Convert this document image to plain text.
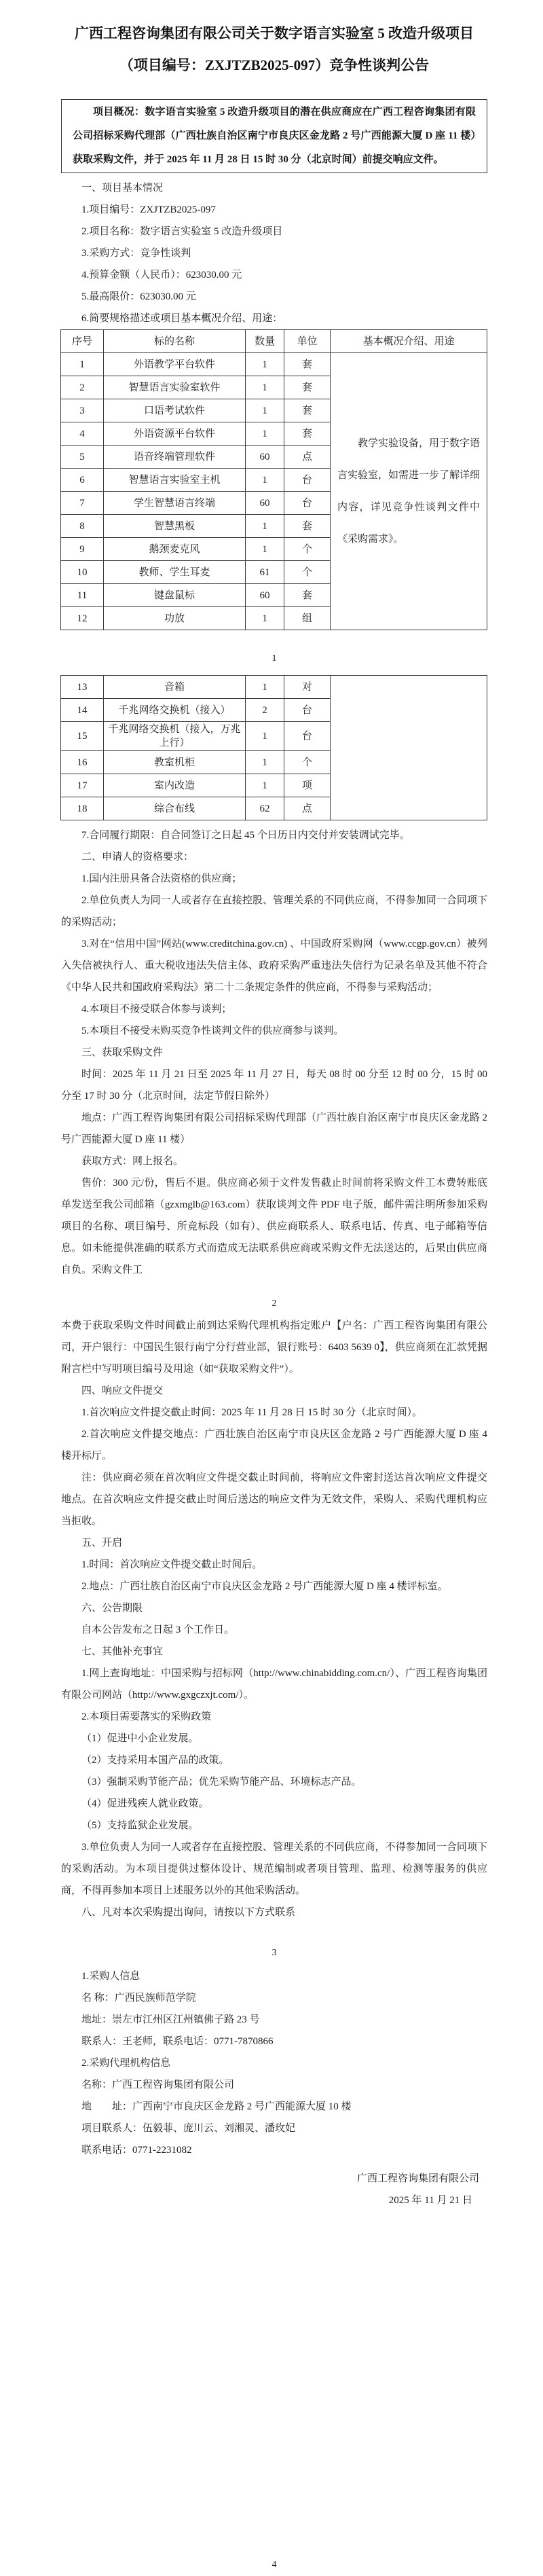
广西工程咨询集团有限公司关于数字语言实验室 5 改造升级项目
（项目编号：ZXJTZB2025-097）竞争性谈判公告

项目概况：数字语言实验室 5 改造升级项目的潜在供应商应在广西工程咨询集团有限公司招标采购代理部（广西壮族自治区南宁市良庆区金龙路 2 号广西能源大厦 D 座 11 楼）获取采购文件，并于 2025 年 11 月 28 日 15 时 30 分（北京时间）前提交响应文件。

一、项目基本情况

1.项目编号：ZXJTZB2025-097

2.项目名称：数字语言实验室 5 改造升级项目

3.采购方式：竞争性谈判

4.预算金额（人民币）：623030.00 元

5.最高限价：623030.00 元

6.简要规格描述或项目基本概况介绍、用途：

序号	标的名称	数量	单位	基本概况介绍、用途
1	外语教学平台软件	1	套	教学实验设备，用于数字语言实验室，如需进一步了解详细内容，详见竞争性谈判文件中《采购需求》。
2	智慧语言实验室软件	1	套	
3	口语考试软件	1	套	
4	外语资源平台软件	1	套	
5	语音终端管理软件	60	点	
6	智慧语言实验室主机	1	台	
7	学生智慧语言终端	60	台	
8	智慧黑板	1	套	
9	鹅颈麦克风	1	个	
10	教师、学生耳麦	61	个	
11	键盘鼠标	60	套	
12	功放	1	组	
1
13	音箱	1	对	
14	千兆网络交换机（接入）	2	台	
15	千兆网络交换机（接入，万兆上行）	1	台	
16	教室机柜	1	个	
17	室内改造	1	项	
18	综合布线	62	点	

7.合同履行期限：自合同签订之日起 45 个日历日内交付并安装调试完毕。

二、申请人的资格要求：

1.国内注册具备合法资格的供应商；

2.单位负责人为同一人或者存在直接控股、管理关系的不同供应商，不得参加同一合同项下的采购活动；

3.对在“信用中国”网站(www.creditchina.gov.cn) 、中国政府采购网（www.ccgp.gov.cn）被列入失信被执行人、重大税收违法失信主体、政府采购严重违法失信行为记录名单及其他不符合《中华人民共和国政府采购法》第二十二条规定条件的供应商，不得参与采购活动；

4.本项目不接受联合体参与谈判；

5.本项目不接受未购买竞争性谈判文件的供应商参与谈判。

三、获取采购文件

时间：2025 年 11 月 21 日至 2025 年 11 月 27 日，每天 08 时 00 分至 12 时 00 分，15 时 00 分至 17 时 30 分（北京时间，法定节假日除外）

地点：广西工程咨询集团有限公司招标采购代理部（广西壮族自治区南宁市良庆区金龙路 2 号广西能源大厦 D 座 11 楼）

获取方式：网上报名。

售价：300 元/份，售后不退。供应商必须于文件发售截止时间前将采购文件工本费转账底单发送至我公司邮箱（gzxmglb@163.com）获取谈判文件 PDF 电子版，邮件需注明所参加采购项目的名称、项目编号、所竞标段（如有）、供应商联系人、联系电话、传真、电子邮箱等信息。如未能提供准确的联系方式而造成无法联系供应商或采购文件无法送达的，后果由供应商自负。采购文件工

2

本费于获取采购文件时间截止前到达采购代理机构指定账户【户名：广西工程咨询集团有限公司，开户银行：中国民生银行南宁分行营业部，银行账号：6403 5639 0】，供应商须在汇款凭据附言栏中写明项目编号及用途（如“获取采购文件”）。

四、响应文件提交

1.首次响应文件提交截止时间：2025 年 11 月 28 日 15 时 30 分（北京时间）。

2.首次响应文件提交地点：广西壮族自治区南宁市良庆区金龙路 2 号广西能源大厦 D 座 4 楼开标厅。

注：供应商必须在首次响应文件提交截止时间前，将响应文件密封送达首次响应文件提交地点。在首次响应文件提交截止时间后送达的响应文件为无效文件，采购人、采购代理机构应当拒收。

五、开启

1.时间：首次响应文件提交截止时间后。

2.地点：广西壮族自治区南宁市良庆区金龙路 2 号广西能源大厦 D 座 4 楼评标室。

六、公告期限

自本公告发布之日起 3 个工作日。

七、其他补充事宜

1.网上查询地址：中国采购与招标网（http://www.chinabidding.com.cn/）、广西工程咨询集团有限公司网站（http://www.gxgczxjt.com/）。

2.本项目需要落实的采购政策

（1）促进中小企业发展。

（2）支持采用本国产品的政策。

（3）强制采购节能产品；优先采购节能产品、环境标志产品。

（4）促进残疾人就业政策。

（5）支持监狱企业发展。

3.单位负责人为同一人或者存在直接控股、管理关系的不同供应商，不得参加同一合同项下的采购活动。为本项目提供过整体设计、规范编制或者项目管理、监理、检测等服务的供应商，不得再参加本项目上述服务以外的其他采购活动。

八、凡对本次采购提出询问，请按以下方式联系

3

1.采购人信息

名 称：广西民族师范学院

地址：崇左市江州区江州镇佛子路 23 号

联系人：王老师，联系电话：0771-7870866

2.采购代理机构信息

名称：广西工程咨询集团有限公司

地　　址：广西南宁市良庆区金龙路 2 号广西能源大厦 10 楼

项目联系人：伍毅菲、庞川云、刘湘灵、潘玫妃

联系电话：0771-2231082

广西工程咨询集团有限公司

2025 年 11 月 21 日

4
